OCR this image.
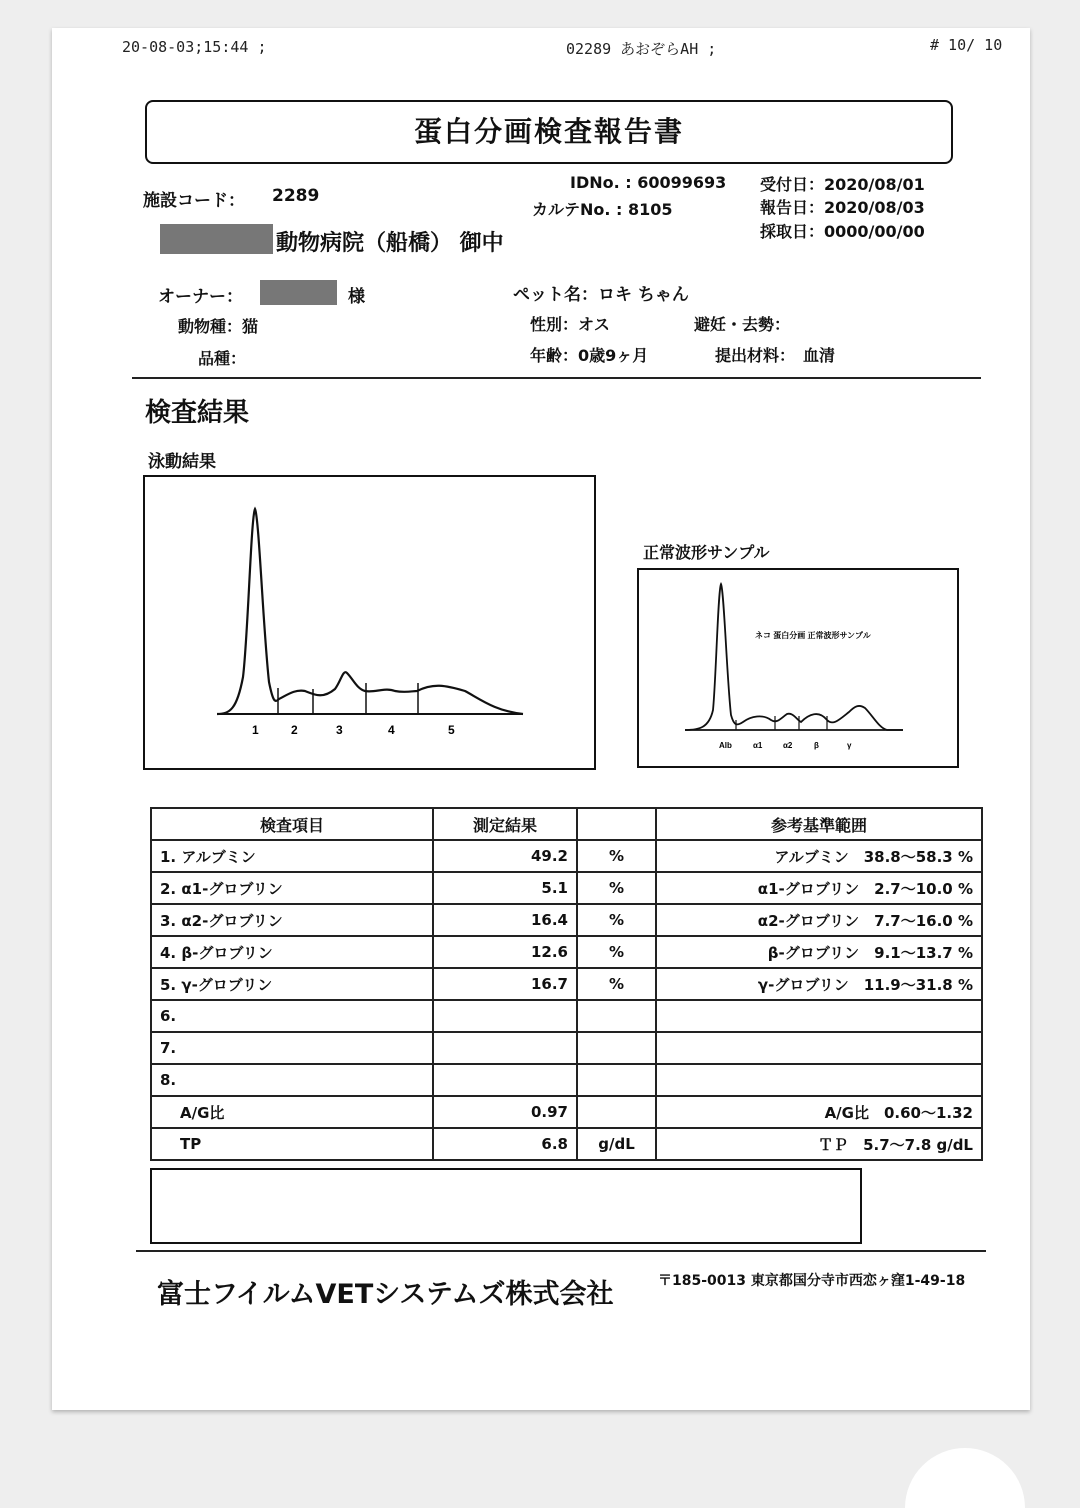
20-08-03;15:44 ;	02289 あおぞらAH ;	# 10/ 10
蛋白分画検査報告書
施設コード： 2289
動物病院（船橋） 御中
IDNo. : 60099693
カルテNo. : 8105
受付日：2020/08/01
報告日：2020/08/03
採取日：0000/00/00
オーナー：	様
動物種：猫
品種：
ペット名：ロキ ちゃん
性別：オス	避妊・去勢：
年齢：0歳9ヶ月	提出材料：　血清
検査結果
泳動結果
1	2	3	4	5
正常波形サンプル
ネコ 蛋白分画 正常波形サンプル
Alb	α1	α2	β	γ
検査項目	測定結果		参考基準範囲
1. アルブミン	49.2	%	アルブミン　38.8～58.3 %
2. α1-グロブリン	5.1	%	α1-グロブリン　2.7～10.0 %
3. α2-グロブリン	16.4	%	α2-グロブリン　7.7～16.0 %
4. β-グロブリン	12.6	%	β-グロブリン　9.1～13.7 %
5. γ-グロブリン	16.7	%	γ-グロブリン　11.9～31.8 %
6.			
7.			
8.			
A/G比	0.97		A/G比　0.60～1.32
TP	6.8	g/dL	ＴＰ　5.7～7.8 g/dL
富士フイルムVETシステムズ株式会社	〒185-0013 東京都国分寺市西恋ヶ窪1-49-18
